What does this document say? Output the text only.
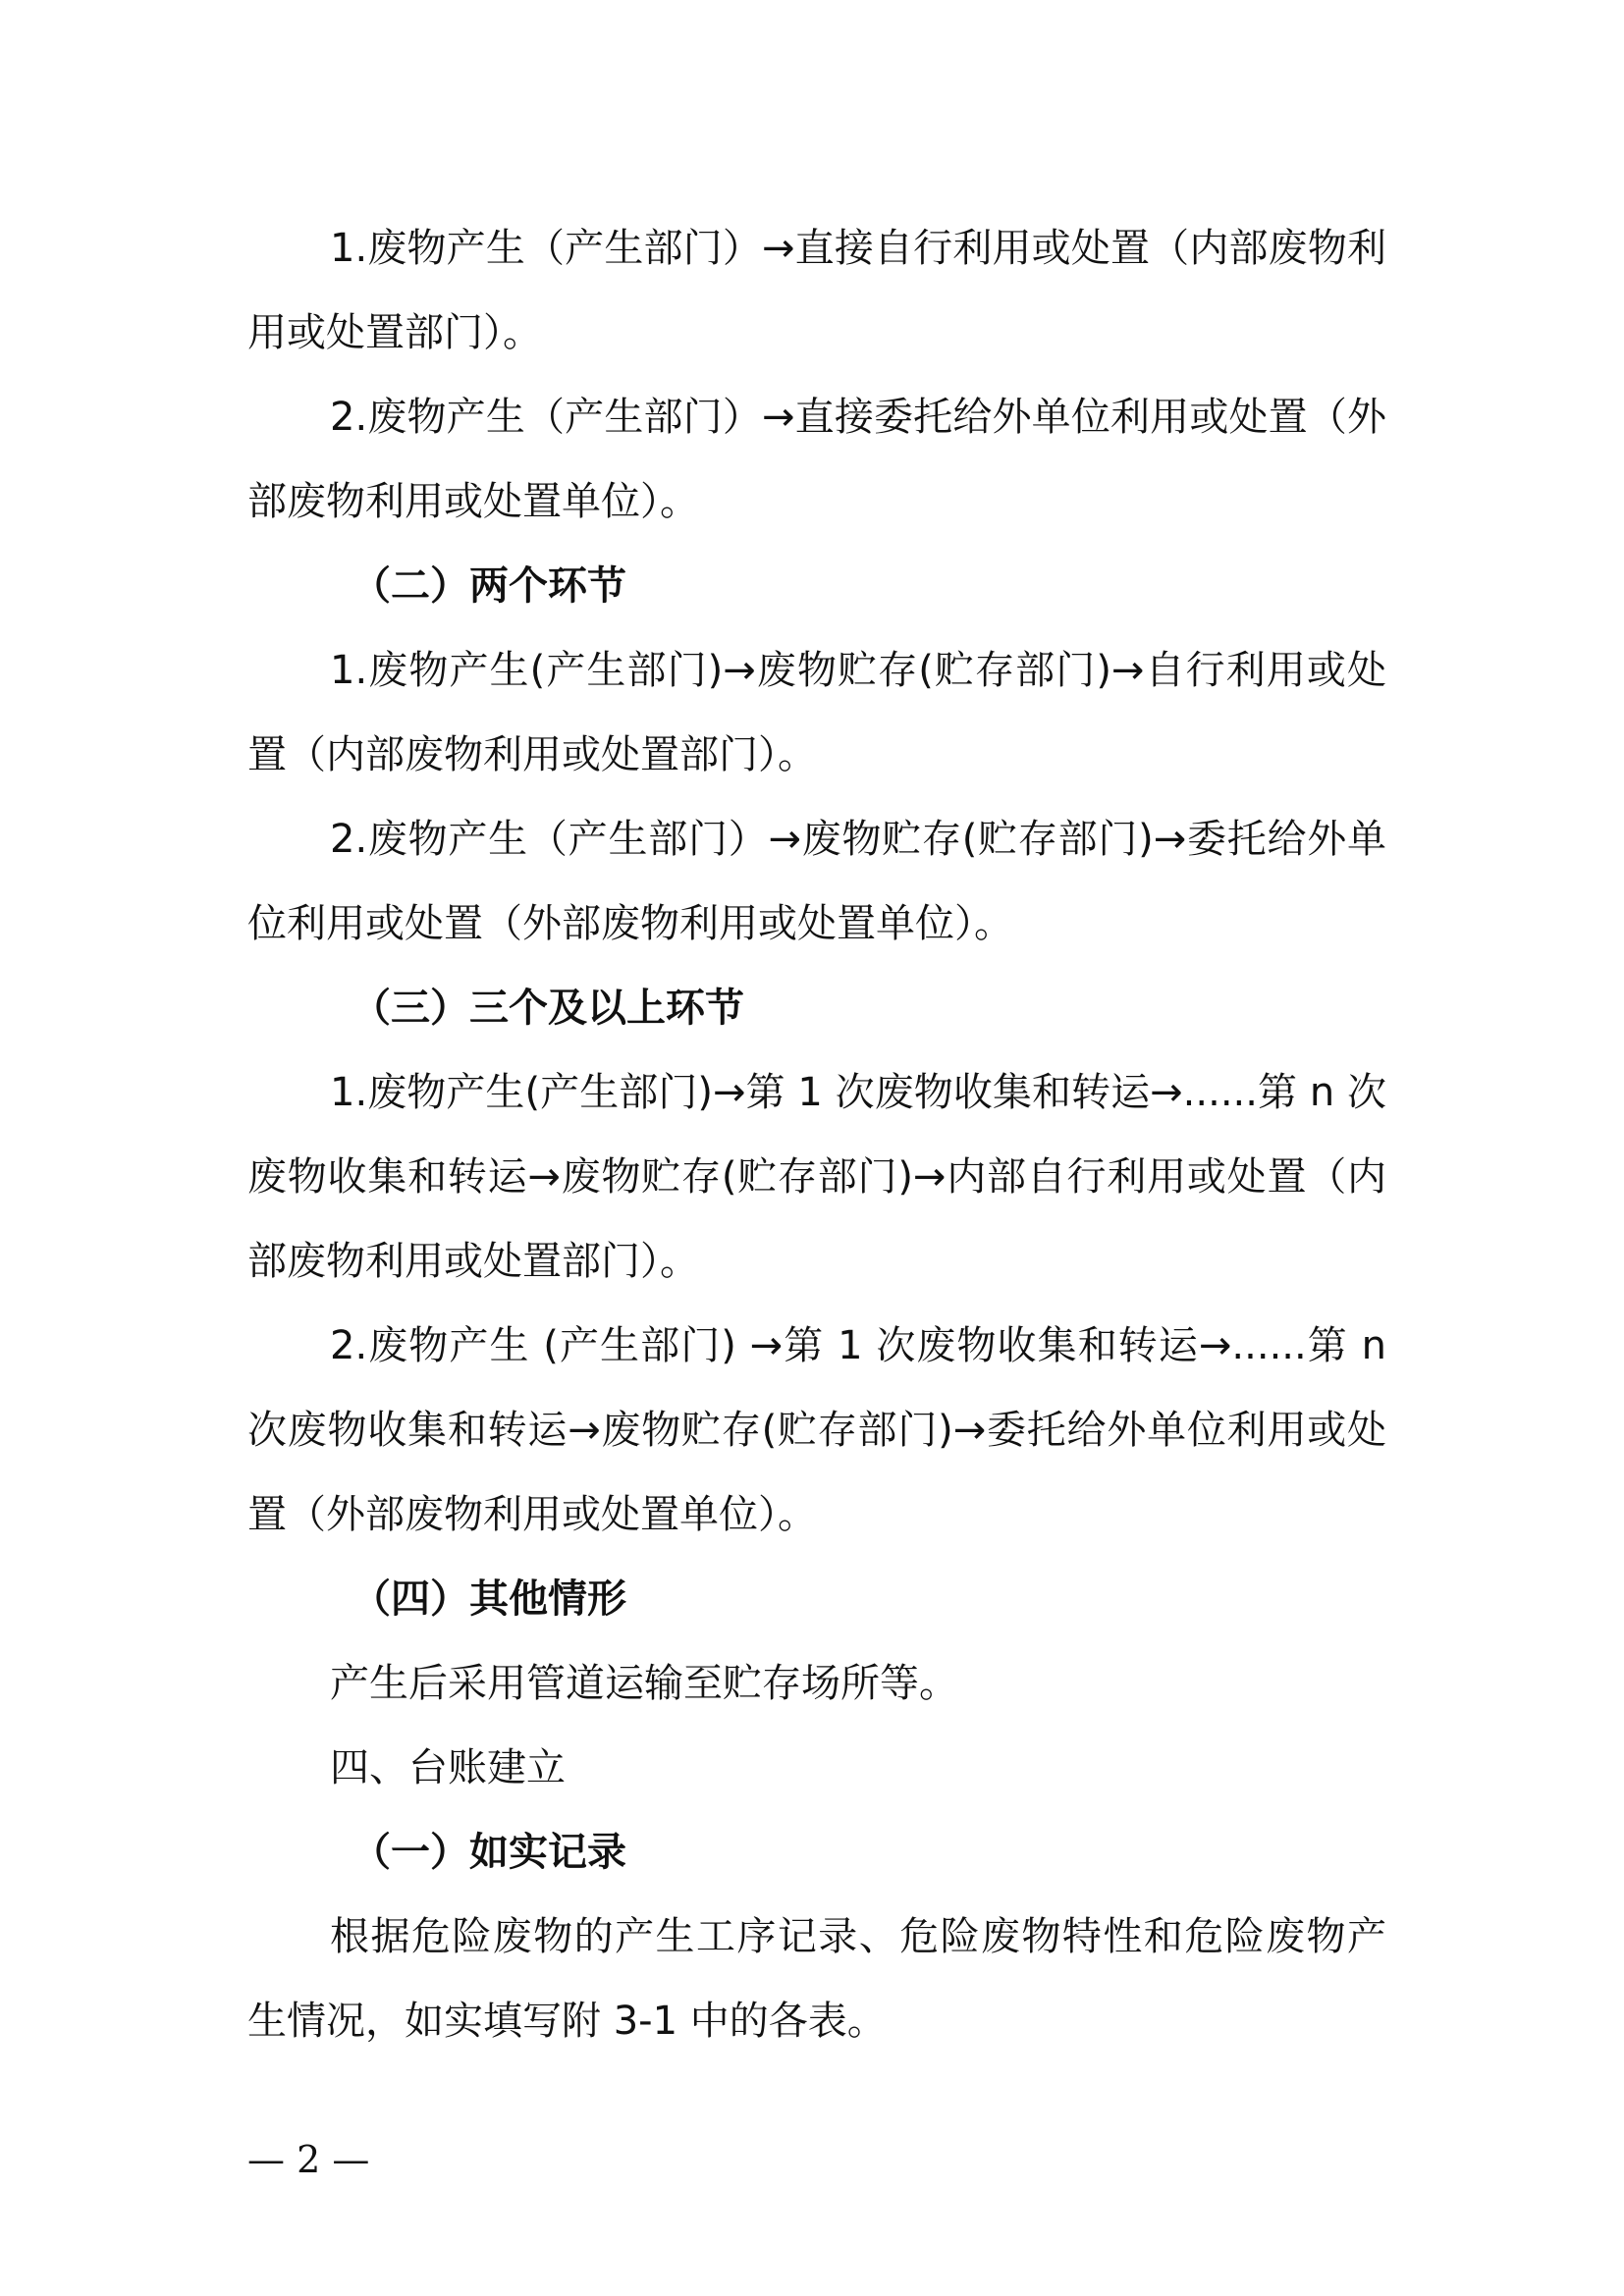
1.废物产生（产生部门）→直接自行利用或处置（内部废物利用或处置部门）。

2.废物产生（产生部门）→直接委托给外单位利用或处置（外部废物利用或处置单位）。

（二）两个环节

1.废物产生(产生部门)→废物贮存(贮存部门)→自行利用或处置（内部废物利用或处置部门）。

2.废物产生（产生部门）→废物贮存(贮存部门)→委托给外单位利用或处置（外部废物利用或处置单位）。

（三）三个及以上环节

1.废物产生(产生部门)→第 1 次废物收集和转运→......第 n 次废物收集和转运→废物贮存(贮存部门)→内部自行利用或处置（内部废物利用或处置部门）。

2.废物产生 (产生部门) →第 1 次废物收集和转运→......第 n 次废物收集和转运→废物贮存(贮存部门)→委托给外单位利用或处置（外部废物利用或处置单位）。

（四）其他情形

产生后采用管道运输至贮存场所等。

四、台账建立

（一）如实记录

根据危险废物的产生工序记录、危险废物特性和危险废物产生情况，如实填写附 3-1 中的各表。

— 2 —
